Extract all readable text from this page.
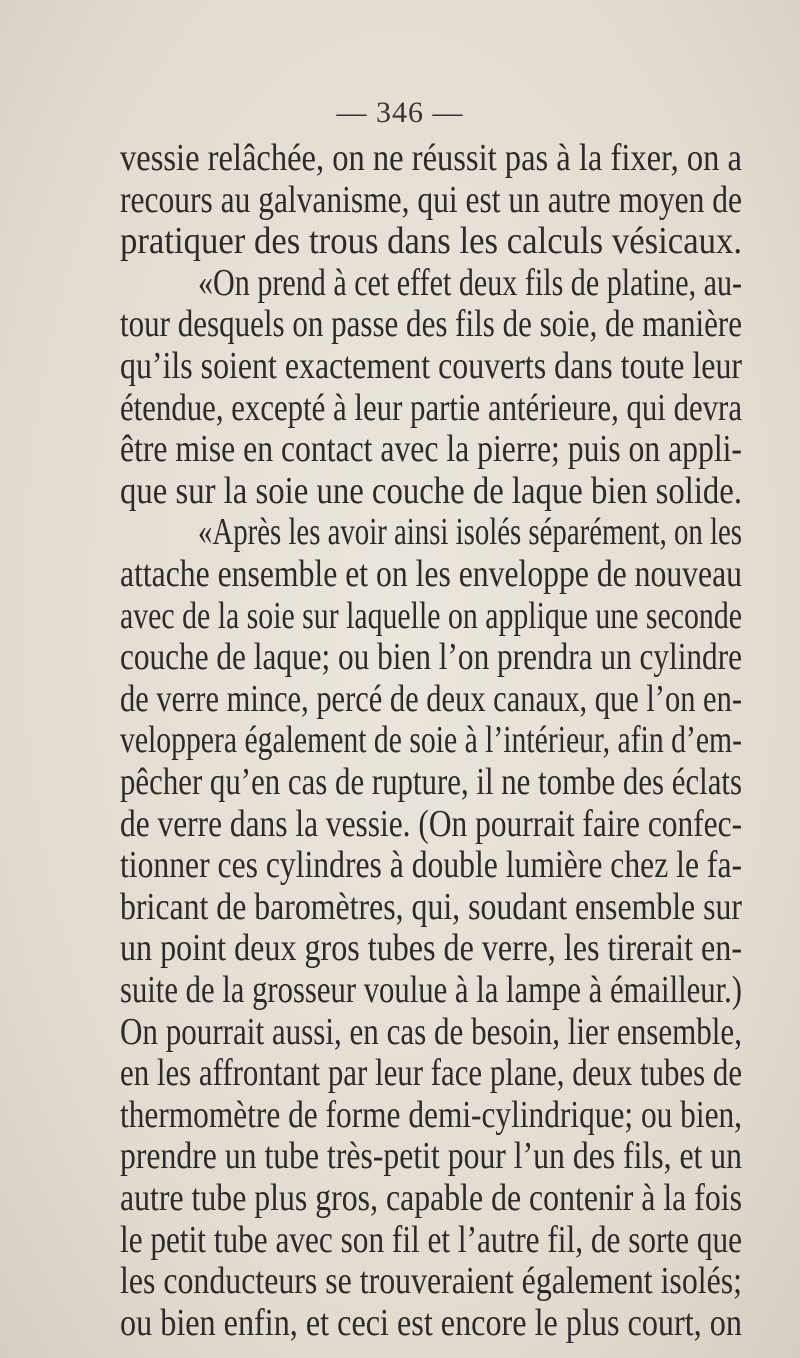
— 346 —
vessie relâchée, on ne réussit pas à la fixer, on a
recours au galvanisme, qui est un autre moyen de
pratiquer des trous dans les calculs vésicaux.
«On prend à cet effet deux fils de platine, au-
tour desquels on passe des fils de soie, de manière
qu’ils soient exactement couverts dans toute leur
étendue, excepté à leur partie antérieure, qui devra
être mise en contact avec la pierre; puis on appli-
que sur la soie une couche de laque bien solide.
«Après les avoir ainsi isolés séparément, on les
attache ensemble et on les enveloppe de nouveau
avec de la soie sur laquelle on applique une seconde
couche de laque; ou bien l’on prendra un cylindre
de verre mince, percé de deux canaux, que l’on en-
veloppera également de soie à l’intérieur, afin d’em-
pêcher qu’en cas de rupture, il ne tombe des éclats
de verre dans la vessie. (On pourrait faire confec-
tionner ces cylindres à double lumière chez le fa-
bricant de baromètres, qui, soudant ensemble sur
un point deux gros tubes de verre, les tirerait en-
suite de la grosseur voulue à la lampe à émailleur.)
On pourrait aussi, en cas de besoin, lier ensemble,
en les affrontant par leur face plane, deux tubes de
thermomètre de forme demi-cylindrique; ou bien,
prendre un tube très-petit pour l’un des fils, et un
autre tube plus gros, capable de contenir à la fois
le petit tube avec son fil et l’autre fil, de sorte que
les conducteurs se trouveraient également isolés;
ou bien enfin, et ceci est encore le plus court, on
